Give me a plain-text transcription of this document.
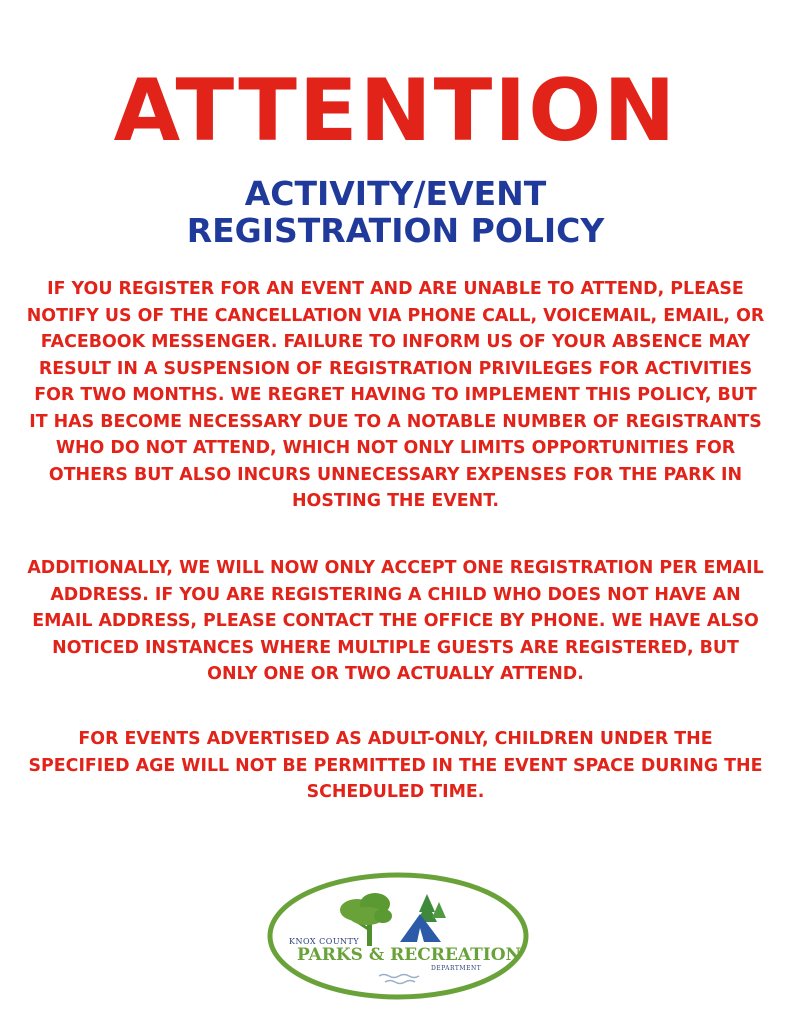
ATTENTION
ACTIVITY/EVENT
REGISTRATION POLICY

IF YOU REGISTER FOR AN EVENT AND ARE UNABLE TO ATTEND, PLEASE NOTIFY US OF THE CANCELLATION VIA PHONE CALL, VOICEMAIL, EMAIL, OR FACEBOOK MESSENGER. FAILURE TO INFORM US OF YOUR ABSENCE MAY RESULT IN A SUSPENSION OF REGISTRATION PRIVILEGES FOR ACTIVITIES FOR TWO MONTHS. WE REGRET HAVING TO IMPLEMENT THIS POLICY, BUT IT HAS BECOME NECESSARY DUE TO A NOTABLE NUMBER OF REGISTRANTS WHO DO NOT ATTEND, WHICH NOT ONLY LIMITS OPPORTUNITIES FOR OTHERS BUT ALSO INCURS UNNECESSARY EXPENSES FOR THE PARK IN HOSTING THE EVENT.

ADDITIONALLY, WE WILL NOW ONLY ACCEPT ONE REGISTRATION PER EMAIL ADDRESS. IF YOU ARE REGISTERING A CHILD WHO DOES NOT HAVE AN EMAIL ADDRESS, PLEASE CONTACT THE OFFICE BY PHONE. WE HAVE ALSO NOTICED INSTANCES WHERE MULTIPLE GUESTS ARE REGISTERED, BUT ONLY ONE OR TWO ACTUALLY ATTEND.

FOR EVENTS ADVERTISED AS ADULT-ONLY, CHILDREN UNDER THE SPECIFIED AGE WILL NOT BE PERMITTED IN THE EVENT SPACE DURING THE SCHEDULED TIME.

KNOX COUNTY
PARKS & RECREATION
DEPARTMENT
